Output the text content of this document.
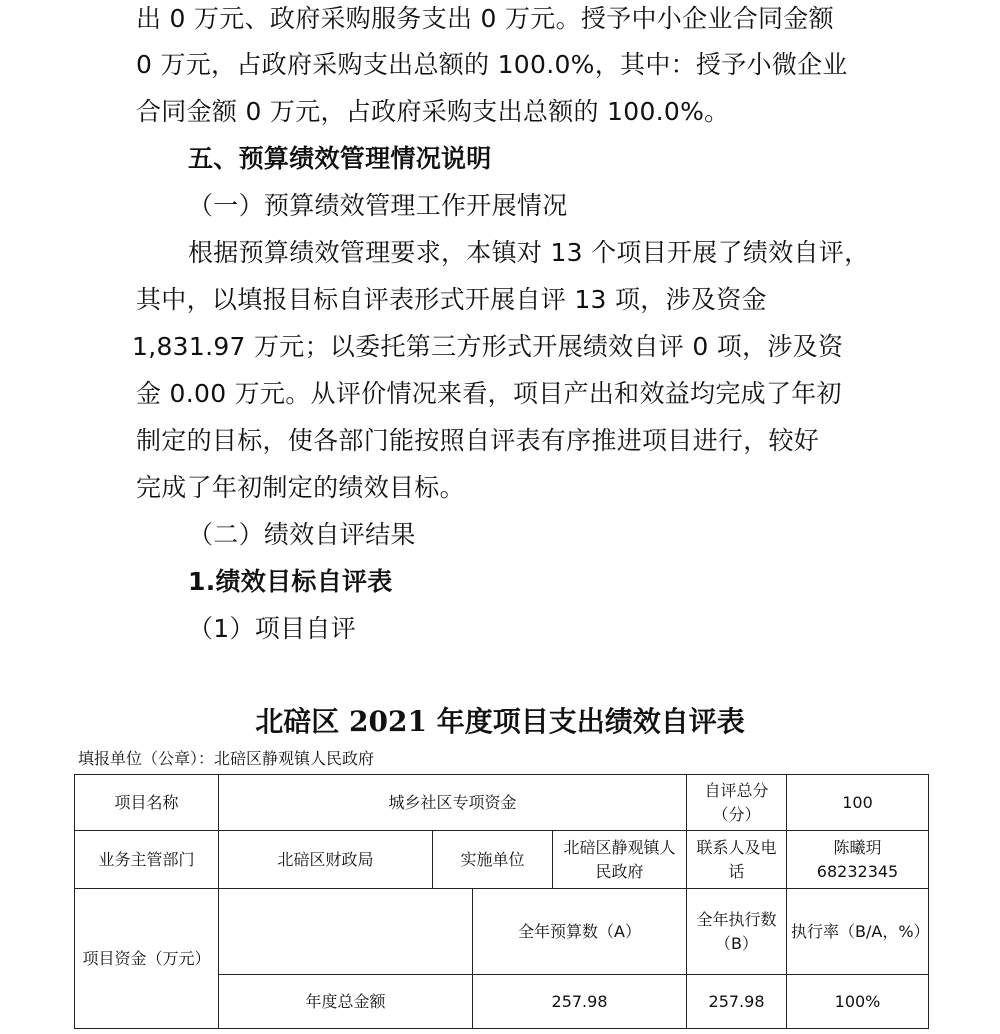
出 0 万元、政府采购服务支出 0 万元。授予中小企业合同金额
0 万元，占政府采购支出总额的 100.0%，其中：授予小微企业
合同金额 0 万元，占政府采购支出总额的 100.0%。
五、预算绩效管理情况说明
（一）预算绩效管理工作开展情况
根据预算绩效管理要求，本镇对 13 个项目开展了绩效自评，
其中，以填报目标自评表形式开展自评 13 项，涉及资金
1,831.97 万元；以委托第三方形式开展绩效自评 0 项，涉及资
金 0.00 万元。从评价情况来看，项目产出和效益均完成了年初
制定的目标，使各部门能按照自评表有序推进项目进行，较好
完成了年初制定的绩效目标。
（二）绩效自评结果
1.绩效目标自评表
（1）项目自评
北碚区 2021 年度项目支出绩效自评表
填报单位（公章）：北碚区静观镇人民政府
项目名称	城乡社区专项资金				自评总分（分）	100
业务主管部门	北碚区财政局	实施单位		北碚区静观镇人民政府	联系人及电话	陈曦玥 68232345
项目资金（万元）			全年预算数（A）		全年执行数（B）	执行率（B/A，%）
	年度总金额		257.98		257.98	100%
